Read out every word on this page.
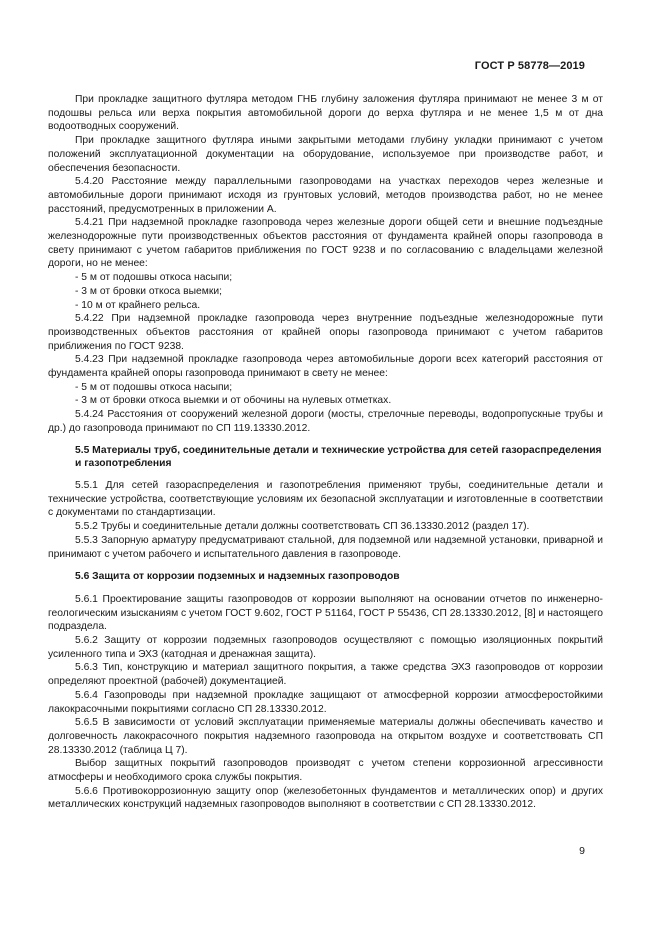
ГОСТ Р 58778—2019

При прокладке защитного футляра методом ГНБ глубину заложения футляра принимают не менее 3 м от подошвы рельса или верха покрытия автомобильной дороги до верха футляра и не менее 1,5 м от дна водоотводных сооружений.

При прокладке защитного футляра иными закрытыми методами глубину укладки принимают с учетом положений эксплуатационной документации на оборудование, используемое при производстве работ, и обеспечения безопасности.

5.4.20 Расстояние между параллельными газопроводами на участках переходов через железные и автомобильные дороги принимают исходя из грунтовых условий, методов производства работ, но не менее расстояний, предусмотренных в приложении А.

5.4.21 При надземной прокладке газопровода через железные дороги общей сети и внешние подъездные железнодорожные пути производственных объектов расстояния от фундамента крайней опоры газопровода в свету принимают с учетом габаритов приближения по ГОСТ 9238 и по согласованию с владельцами железной дороги, но не менее:

- 5 м от подошвы откоса насыпи;

- 3 м от бровки откоса выемки;

- 10 м от крайнего рельса.

5.4.22 При надземной прокладке газопровода через внутренние подъездные железнодорожные пути производственных объектов расстояния от крайней опоры газопровода принимают с учетом габаритов приближения по ГОСТ 9238.

5.4.23 При надземной прокладке газопровода через автомобильные дороги всех категорий расстояния от фундамента крайней опоры газопровода принимают в свету не менее:

- 5 м от подошвы откоса насыпи;

- 3 м от бровки откоса выемки и от обочины на нулевых отметках.

5.4.24 Расстояния от сооружений железной дороги (мосты, стрелочные переводы, водопропускные трубы и др.) до газопровода принимают по СП 119.13330.2012.

5.5 Материалы труб, соединительные детали и технические устройства для сетей газораспределения и газопотребления

5.5.1 Для сетей газораспределения и газопотребления применяют трубы, соединительные детали и технические устройства, соответствующие условиям их безопасной эксплуатации и изготовленные в соответствии с документами по стандартизации.

5.5.2 Трубы и соединительные детали должны соответствовать СП 36.13330.2012 (раздел 17).

5.5.3 Запорную арматуру предусматривают стальной, для подземной или надземной установки, приварной и принимают с учетом рабочего и испытательного давления в газопроводе.

5.6 Защита от коррозии подземных и надземных газопроводов

5.6.1 Проектирование защиты газопроводов от коррозии выполняют на основании отчетов по инженерно-геологическим изысканиям с учетом ГОСТ 9.602, ГОСТ Р 51164, ГОСТ Р 55436, СП 28.13330.2012, [8] и настоящего подраздела.

5.6.2 Защиту от коррозии подземных газопроводов осуществляют с помощью изоляционных покрытий усиленного типа и ЭХЗ (катодная и дренажная защита).

5.6.3 Тип, конструкцию и материал защитного покрытия, а также средства ЭХЗ газопроводов от коррозии определяют проектной (рабочей) документацией.

5.6.4 Газопроводы при надземной прокладке защищают от атмосферной коррозии атмосферостойкими лакокрасочными покрытиями согласно СП 28.13330.2012.

5.6.5 В зависимости от условий эксплуатации применяемые материалы должны обеспечивать качество и долговечность лакокрасочного покрытия надземного газопровода на открытом воздухе и соответствовать СП 28.13330.2012 (таблица Ц 7).

Выбор защитных покрытий газопроводов производят с учетом степени коррозионной агрессивности атмосферы и необходимого срока службы покрытия.

5.6.6 Противокоррозионную защиту опор (железобетонных фундаментов и металлических опор) и других металлических конструкций надземных газопроводов выполняют в соответствии с СП 28.13330.2012.

9
